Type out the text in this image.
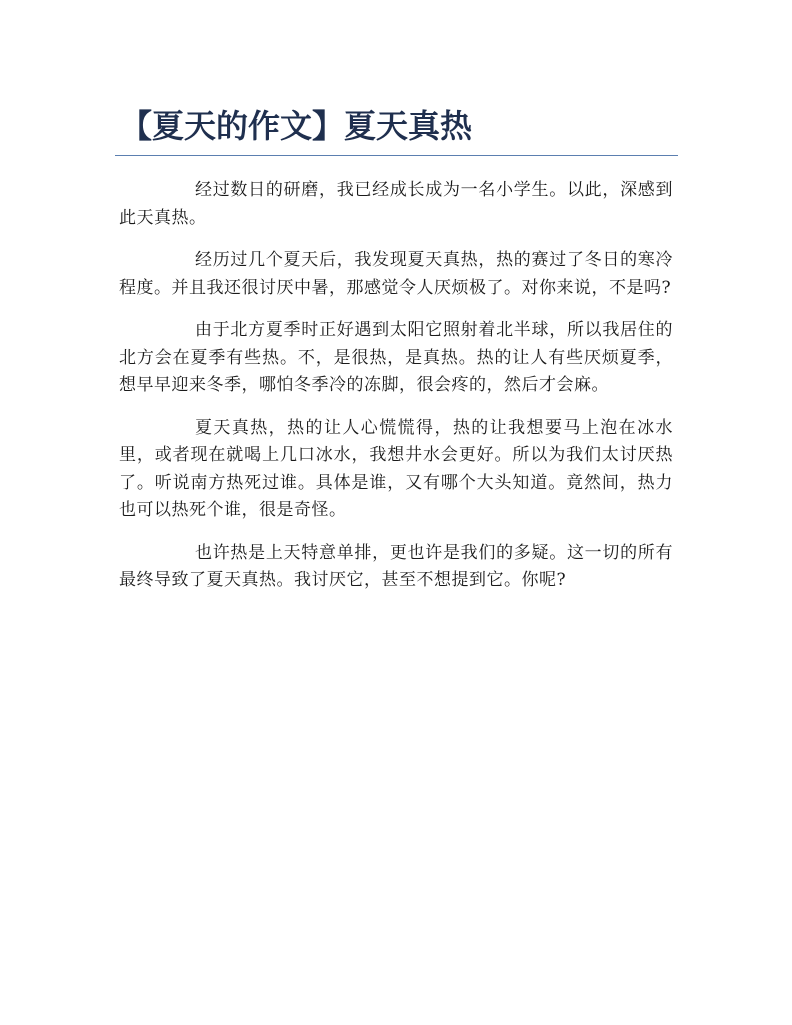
【夏天的作文】夏天真热

经过数日的研磨，我已经成长成为一名小学生。以此，深感到此天真热。

经历过几个夏天后，我发现夏天真热，热的赛过了冬日的寒冷程度。并且我还很讨厌中暑，那感觉令人厌烦极了。对你来说，不是吗?

由于北方夏季时正好遇到太阳它照射着北半球，所以我居住的北方会在夏季有些热。不，是很热，是真热。热的让人有些厌烦夏季，想早早迎来冬季，哪怕冬季冷的冻脚，很会疼的，然后才会麻。

夏天真热，热的让人心慌慌得，热的让我想要马上泡在冰水里，或者现在就喝上几口冰水，我想井水会更好。所以为我们太讨厌热了。听说南方热死过谁。具体是谁，又有哪个大头知道。竟然间，热力也可以热死个谁，很是奇怪。

也许热是上天特意单排，更也许是我们的多疑。这一切的所有最终导致了夏天真热。我讨厌它，甚至不想提到它。你呢?
